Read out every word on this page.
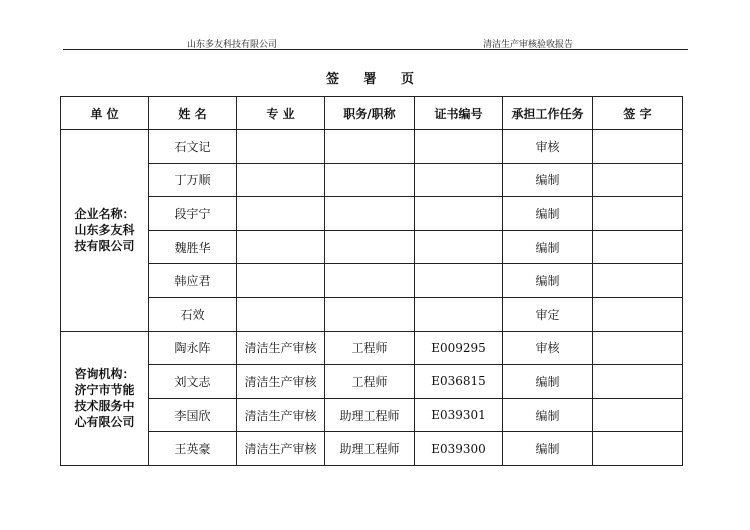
山东多友科技有限公司	清洁生产审核验收报告
签 署 页
单 位	姓 名	专 业	职务/职称	证书编号	承担工作任务	签 字
企业名称：山东多友科技有限公司	石文记				审核	
	丁万顺				编制	
	段宇宁				编制	
	魏胜华				编制	
	韩应君				编制	
	石效				审定	
咨询机构：济宁市节能技术服务中心有限公司	陶永阵	清洁生产审核	工程师	E009295	审核	
	刘文志	清洁生产审核	工程师	E036815	编制	
	李国欣	清洁生产审核	助理工程师	E039301	编制	
	王英豪	清洁生产审核	助理工程师	E039300	编制	
